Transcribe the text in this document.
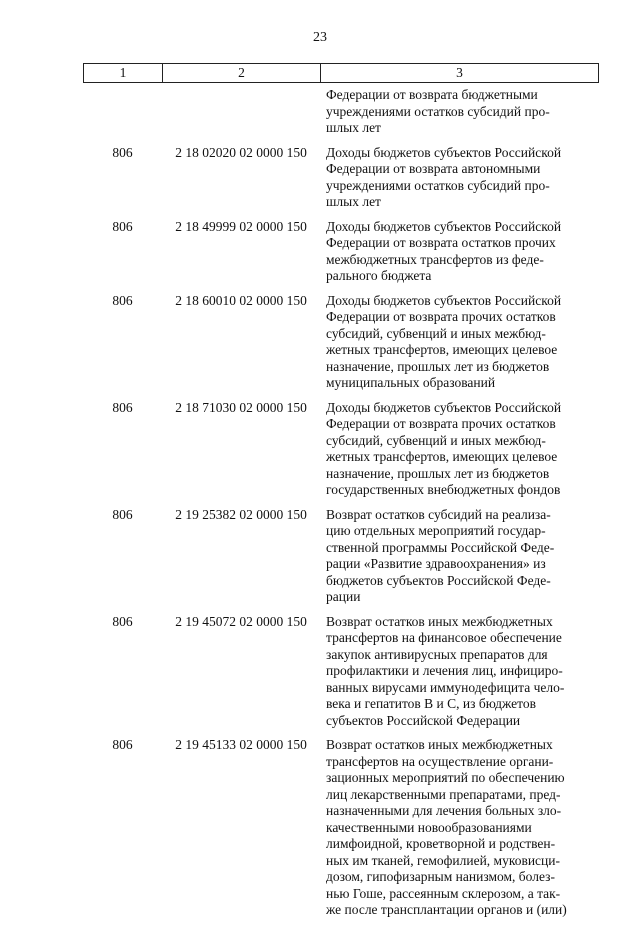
23
1	2	3
Федерации от возврата бюджетными
учреждениями остатков субсидий про-
шлых лет
806	2 18 02020 02 0000 150	Доходы бюджетов субъектов Российской
Федерации от возврата автономными
учреждениями остатков субсидий про-
шлых лет
806	2 18 49999 02 0000 150	Доходы бюджетов субъектов Российской
Федерации от возврата остатков прочих
межбюджетных трансфертов из феде-
рального бюджета
806	2 18 60010 02 0000 150	Доходы бюджетов субъектов Российской
Федерации от возврата прочих остатков
субсидий, субвенций и иных межбюд-
жетных трансфертов, имеющих целевое
назначение, прошлых лет из бюджетов
муниципальных образований
806	2 18 71030 02 0000 150	Доходы бюджетов субъектов Российской
Федерации от возврата прочих остатков
субсидий, субвенций и иных межбюд-
жетных трансфертов, имеющих целевое
назначение, прошлых лет из бюджетов
государственных внебюджетных фондов
806	2 19 25382 02 0000 150	Возврат остатков субсидий на реализа-
цию отдельных мероприятий государ-
ственной программы Российской Феде-
рации «Развитие здравоохранения» из
бюджетов субъектов Российской Феде-
рации
806	2 19 45072 02 0000 150	Возврат остатков иных межбюджетных
трансфертов на финансовое обеспечение
закупок антивирусных препаратов для
профилактики и лечения лиц, инфициро-
ванных вирусами иммунодефицита чело-
века и гепатитов В и С, из бюджетов
субъектов Российской Федерации
806	2 19 45133 02 0000 150	Возврат остатков иных межбюджетных
трансфертов на осуществление органи-
зационных мероприятий по обеспечению
лиц лекарственными препаратами, пред-
назначенными для лечения больных зло-
качественными новообразованиями
лимфоидной, кроветворной и родствен-
ных им тканей, гемофилией, муковисци-
дозом, гипофизарным нанизмом, болез-
нью Гоше, рассеянным склерозом, а так-
же после трансплантации органов и (или)
